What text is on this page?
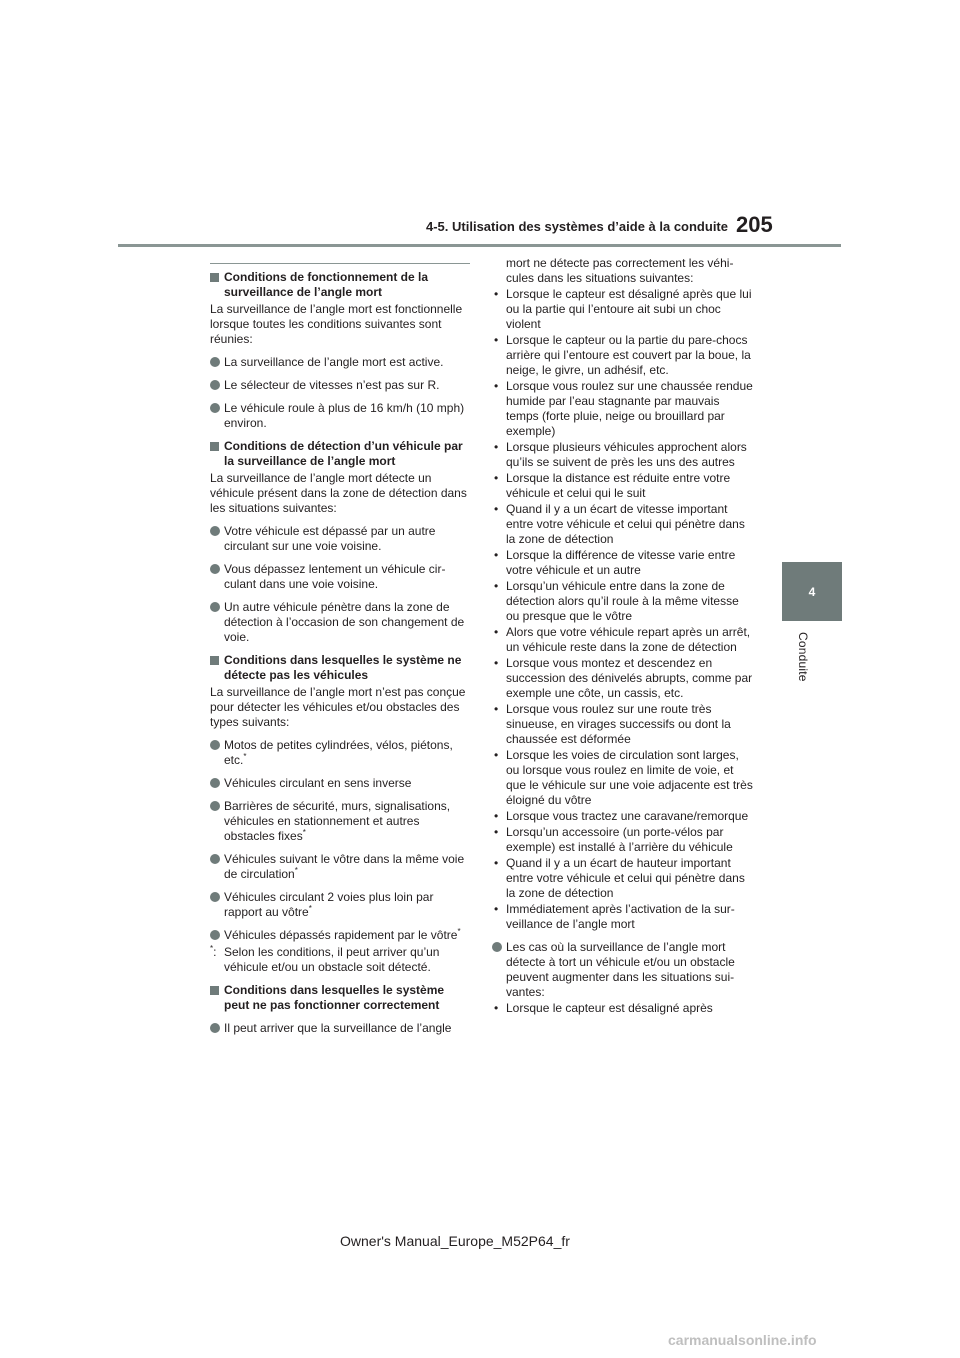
4-5. Utilisation des systèmes d’aide à la conduite 205
4
Conduite
Conditions de fonctionnement de la surveillance de l’angle mort
La surveillance de l’angle mort est fonctionnelle lorsque toutes les conditions suivantes sont réunies:
La surveillance de l’angle mort est active.
Le sélecteur de vitesses n’est pas sur R.
Le véhicule roule à plus de 16 km/h (10 mph) environ.
Conditions de détection d’un véhicule par la surveillance de l’angle mort
La surveillance de l’angle mort détecte un véhicule présent dans la zone de détection dans les situations suivantes:
Votre véhicule est dépassé par un autre circulant sur une voie voisine.
Vous dépassez lentement un véhicule circulant dans une voie voisine.
Un autre véhicule pénètre dans la zone de détection à l’occasion de son changement de voie.
Conditions dans lesquelles le système ne détecte pas les véhicules
La surveillance de l’angle mort n’est pas conçue pour détecter les véhicules et/ou obstacles des types suivants:
Motos de petites cylindrées, vélos, piétons, etc.*
Véhicules circulant en sens inverse
Barrières de sécurité, murs, signalisations, véhicules en stationnement et autres obstacles fixes*
Véhicules suivant le vôtre dans la même voie de circulation*
Véhicules circulant 2 voies plus loin par rapport au vôtre*
Véhicules dépassés rapidement par le vôtre*
*: Selon les conditions, il peut arriver qu’un véhicule et/ou un obstacle soit détecté.
Conditions dans lesquelles le système peut ne pas fonctionner correctement
Il peut arriver que la surveillance de l’angle
mort ne détecte pas correctement les véhicules dans les situations suivantes:
• Lorsque le capteur est désaligné après que lui ou la partie qui l’entoure ait subi un choc violent
• Lorsque le capteur ou la partie du pare-chocs arrière qui l’entoure est couvert par la boue, la neige, le givre, un adhésif, etc.
• Lorsque vous roulez sur une chaussée rendue humide par l’eau stagnante par mauvais temps (forte pluie, neige ou brouillard par exemple)
• Lorsque plusieurs véhicules approchent alors qu’ils se suivent de près les uns des autres
• Lorsque la distance est réduite entre votre véhicule et celui qui le suit
• Quand il y a un écart de vitesse important entre votre véhicule et celui qui pénètre dans la zone de détection
• Lorsque la différence de vitesse varie entre votre véhicule et un autre
• Lorsqu’un véhicule entre dans la zone de détection alors qu’il roule à la même vitesse ou presque que le vôtre
• Alors que votre véhicule repart après un arrêt, un véhicule reste dans la zone de détection
• Lorsque vous montez et descendez en succession des dénivelés abrupts, comme par exemple une côte, un cassis, etc.
• Lorsque vous roulez sur une route très sinueuse, en virages successifs ou dont la chaussée est déformée
• Lorsque les voies de circulation sont larges, ou lorsque vous roulez en limite de voie, et que le véhicule sur une voie adjacente est très éloigné du vôtre
• Lorsque vous tractez une caravane/remorque
• Lorsqu’un accessoire (un porte-vélos par exemple) est installé à l’arrière du véhicule
• Quand il y a un écart de hauteur important entre votre véhicule et celui qui pénètre dans la zone de détection
• Immédiatement après l’activation de la surveillance de l’angle mort
Les cas où la surveillance de l’angle mort détecte à tort un véhicule et/ou un obstacle peuvent augmenter dans les situations suivantes:
• Lorsque le capteur est désaligné après
Owner's Manual_Europe_M52P64_fr
carmanualsonline.info
